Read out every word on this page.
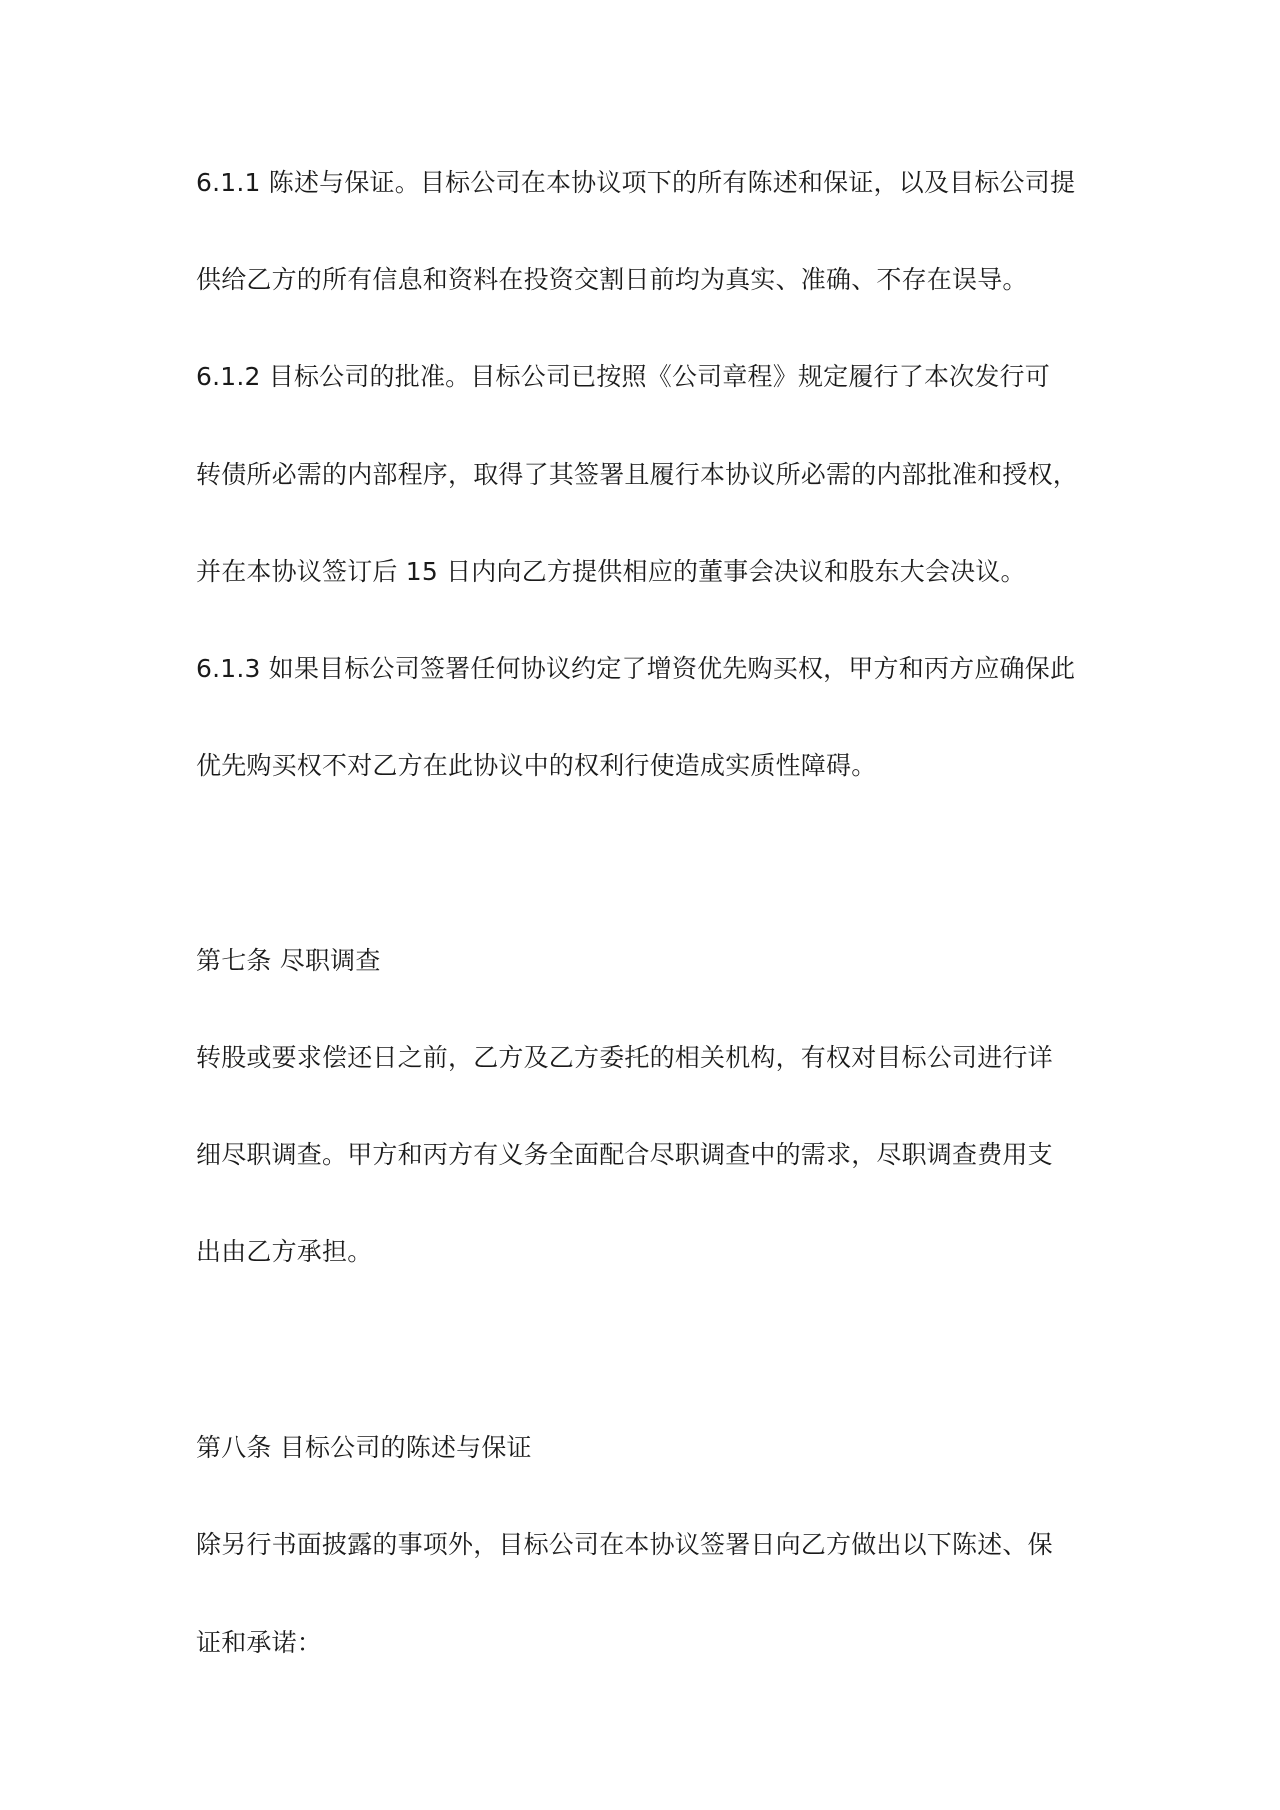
6.1.1 陈述与保证。目标公司在本协议项下的所有陈述和保证，以及目标公司提
供给乙方的所有信息和资料在投资交割日前均为真实、准确、不存在误导。
6.1.2 目标公司的批准。目标公司已按照《公司章程》规定履行了本次发行可
转债所必需的内部程序，取得了其签署且履行本协议所必需的内部批准和授权，
并在本协议签订后 15 日内向乙方提供相应的董事会决议和股东大会决议。
6.1.3 如果目标公司签署任何协议约定了增资优先购买权，甲方和丙方应确保此
优先购买权不对乙方在此协议中的权利行使造成实质性障碍。
第七条 尽职调查
转股或要求偿还日之前，乙方及乙方委托的相关机构，有权对目标公司进行详
细尽职调查。甲方和丙方有义务全面配合尽职调查中的需求，尽职调查费用支
出由乙方承担。
第八条 目标公司的陈述与保证
除另行书面披露的事项外，目标公司在本协议签署日向乙方做出以下陈述、保
证和承诺：
